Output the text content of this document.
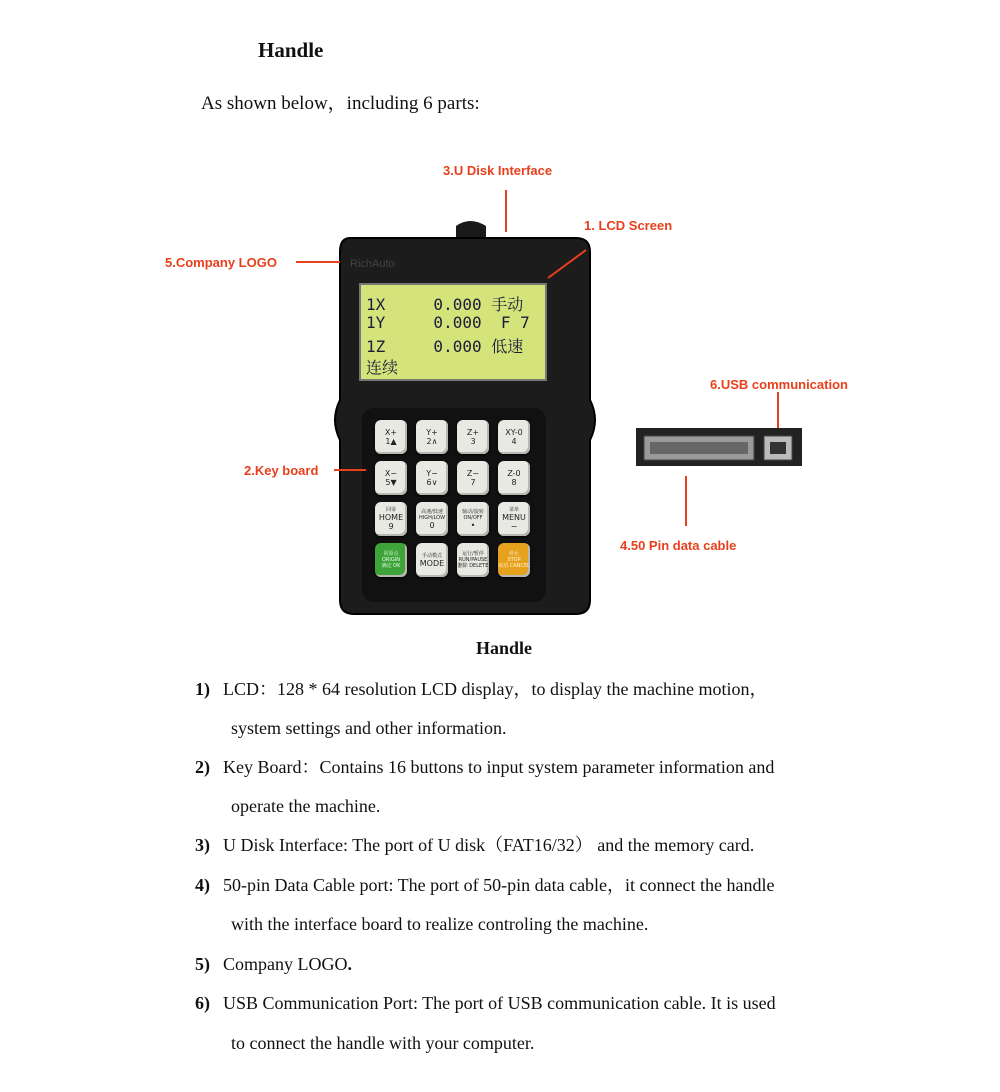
Handle
As shown below，including 6 parts:
RichAuto
1X     0.000 手动
1Y     0.000  F 7
1Z     0.000 低速
连续
X+
1▲
Y+
2∧
Z+
3
XY-0
4
X−
5▼
Y−
6∨
Z−
7
Z-0
8
回零
HOME
9
高速/低速
HIGH/LOW
0
轴动/旋转
ON/OFF
•
菜单
MENU
−
回原点
ORIGIN
确定 OK
手动模式
MODE
运行/暂停
RUN/PAUSE
删除 DELETE
停止
STOP
取消 CANCEL
3.U Disk Interface
1. LCD Screen
5.Company LOGO
2.Key board
4.50 Pin data cable
6.USB communication
Handle
1) LCD：128 * 64 resolution LCD display，to display the machine motion，
system settings and other information.
2) Key Board：Contains 16 buttons to input system parameter information and
operate the machine.
3) U Disk Interface: The port of U disk（FAT16/32） and the memory card.
4) 50-pin Data Cable port: The port of 50-pin data cable，it connect the handle
with the interface board to realize controling the machine.
5) Company LOGO.
6) USB Communication Port: The port of USB communication cable. It is used
to connect the handle with your computer.
